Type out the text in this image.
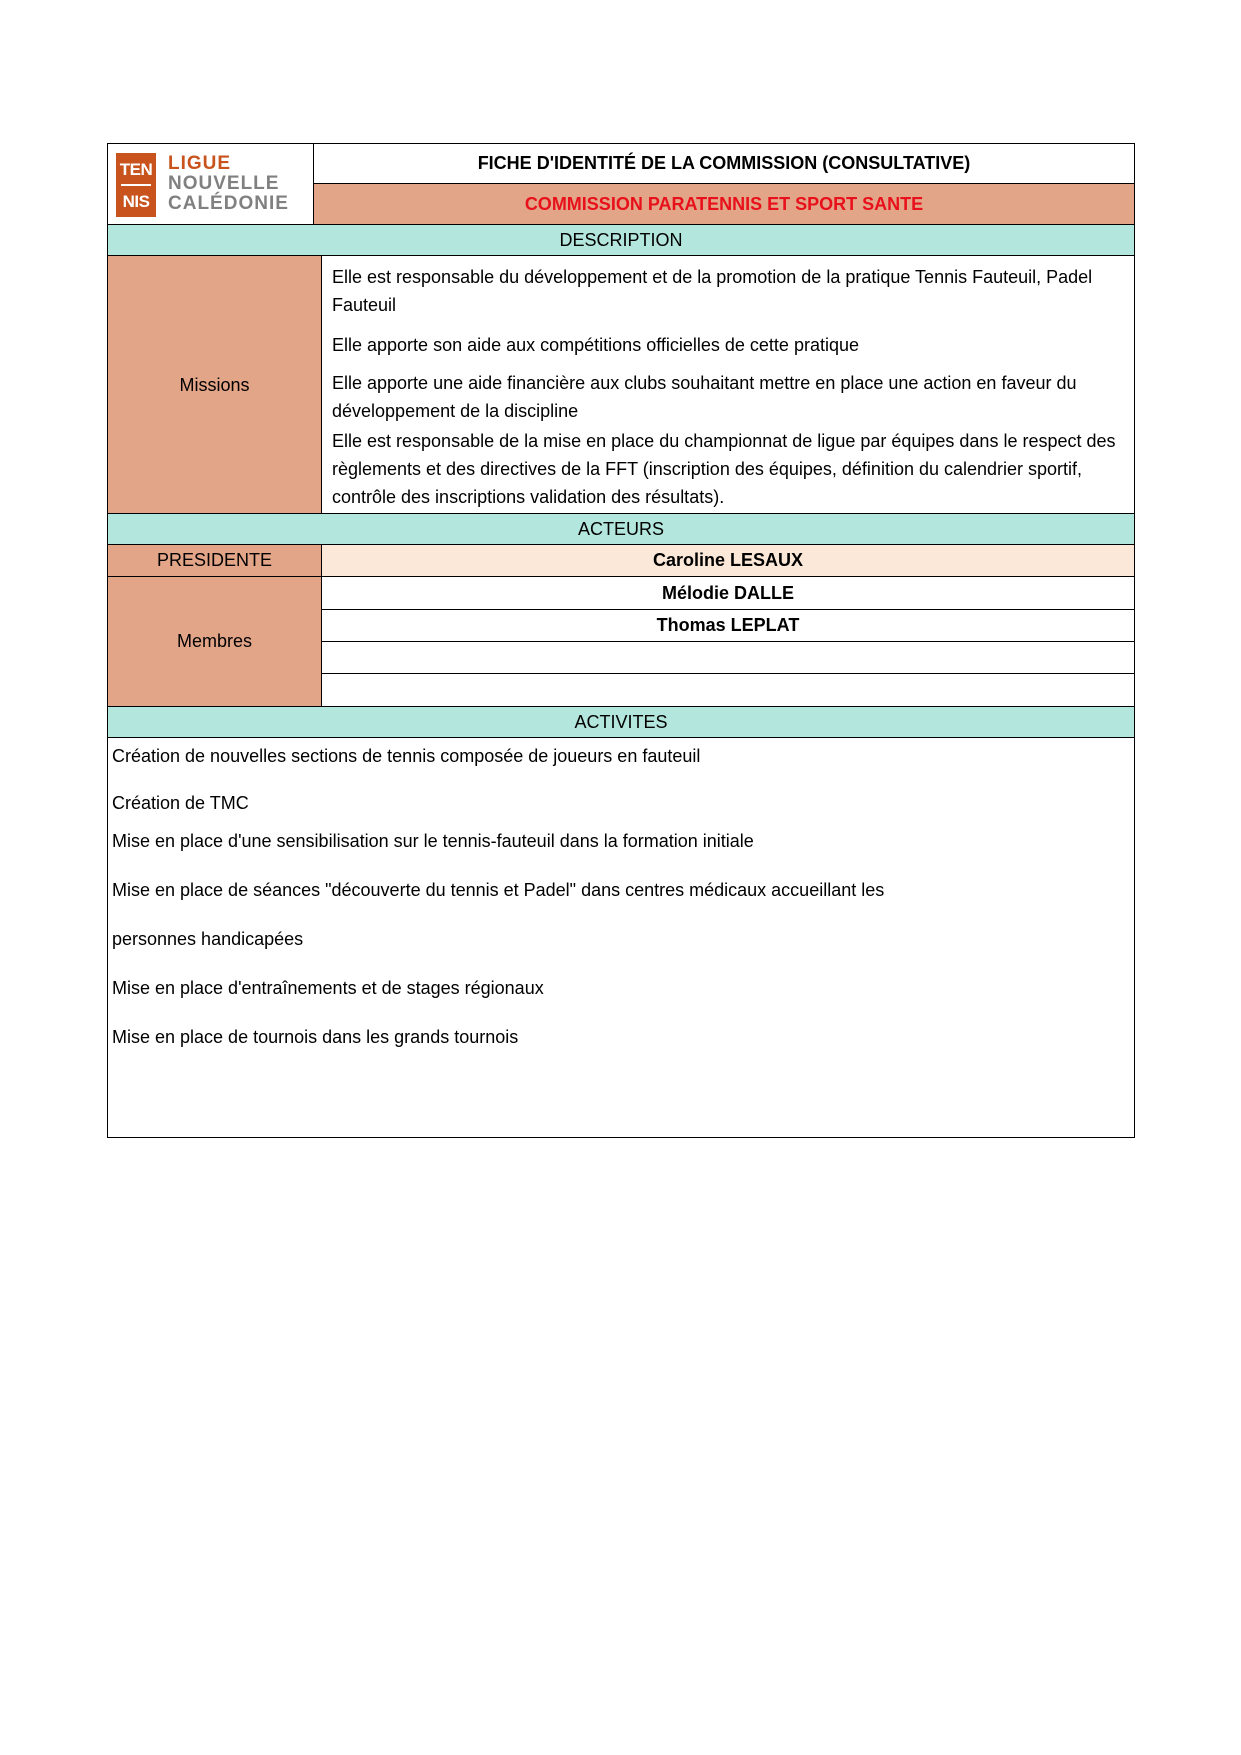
TEN
NIS
LIGUE
NOUVELLE
CALÉDONIE
FICHE D'IDENTITÉ DE LA COMMISSION (CONSULTATIVE)
COMMISSION PARATENNIS ET SPORT SANTE
DESCRIPTION
Missions

Elle est responsable du développement et de la promotion de la pratique Tennis Fauteuil, Padel Fauteuil

Elle apporte son aide aux compétitions officielles de cette pratique

Elle apporte une aide financière aux clubs souhaitant mettre en place une action en faveur du développement de la discipline

Elle est responsable de la mise en place du championnat de ligue par équipes dans le respect des règlements et des directives de la FFT (inscription des équipes, définition du calendrier sportif, contrôle des inscriptions validation des résultats).

ACTEURS
PRESIDENTE	Caroline LESAUX
Membres
Mélodie DALLE
Thomas LEPLAT
ACTIVITES
Création de nouvelles sections de tennis composée de joueurs en fauteuil
Création de TMC
Mise en place d'une sensibilisation sur le tennis-fauteuil dans la formation initiale
Mise en place de séances "découverte du tennis et Padel" dans centres médicaux accueillant les
personnes handicapées
Mise en place d'entraînements et de stages régionaux
Mise en place de tournois dans les grands tournois
